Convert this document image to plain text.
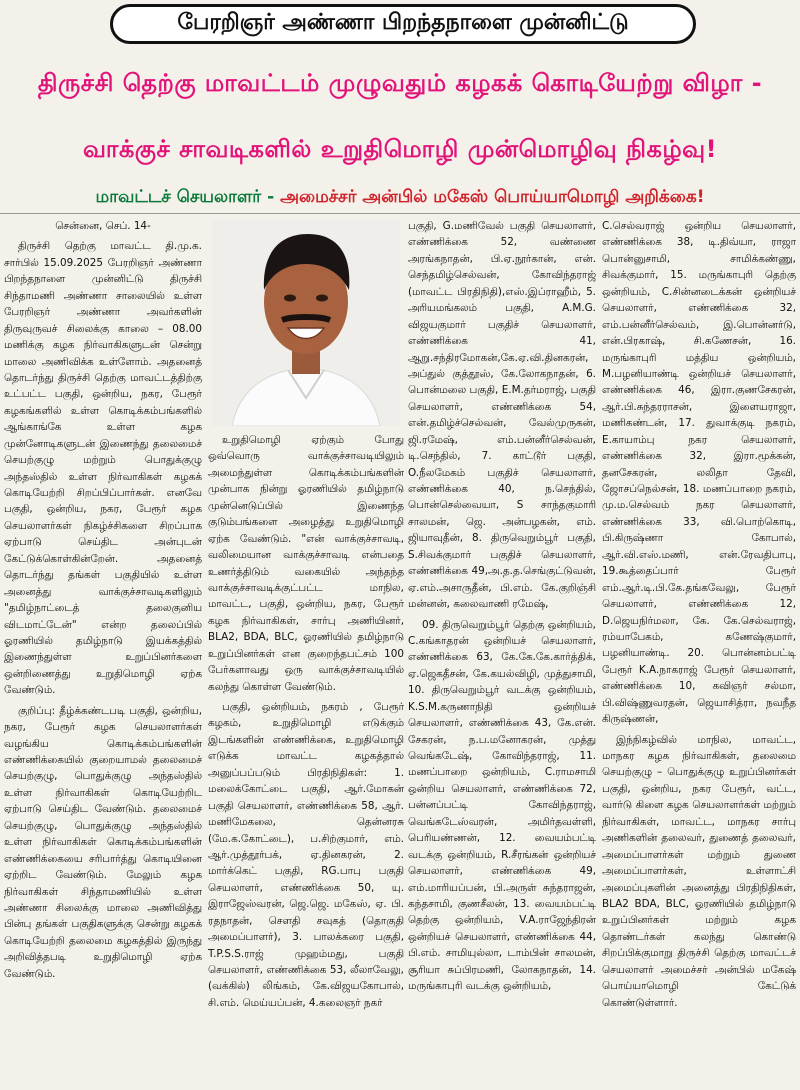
பேரறிஞர் அண்ணா பிறந்தநாளை முன்னிட்டு
திருச்சி தெற்கு மாவட்டம் முழுவதும் கழகக் கொடியேற்று விழா -
வாக்குச் சாவடிகளில் உறுதிமொழி முன்மொழிவு நிகழ்வு!
மாவட்டச் செயலாளர் - அமைச்சர் அன்பில் மகேஸ் பொய்யாமொழி அறிக்கை!

சென்னை, செப். 14-

திருச்சி தெற்கு மாவட்ட தி.மு.க. சார்பில் 15.09.2025 பேரறிஞர் அண்ணா பிறந்தநாளை முன்னிட்டு திருச்சி சிந்தாமணி அண்ணா சாலையில் உள்ள பேரறிஞர் அண்ணா அவர்களின் திருவுருவச் சிலைக்கு காலை – 08.00 மணிக்கு கழக நிர்வாகிகளுடன் சென்று மாலை அணிவிக்க உள்ளோம். அதனைத் தொடர்ந்து திருச்சி தெற்கு மாவட்டத்திற்கு உட்பட்ட பகுதி, ஒன்றிய, நகர, பேரூர் கழகங்களில் உள்ள கொடிக்கம்பங்களில் ஆங்காங்கே உள்ள கழக முன்னோடிகளுடன் இணைந்து தலைமைச் செயற்குழு மற்றும் பொதுக்குழு அந்தஸ்தில் உள்ள நிர்வாகிகள் கழகக் கொடியேற்றி சிறப்பிப்பார்கள். எனவே பகுதி, ஒன்றிய, நகர, பேரூர் கழக செயலாளர்கள் நிகழ்ச்சிகளை சிறப்பாக ஏற்பாடு செய்திட அன்புடன் கேட்டுக்கொள்கின்றேன். அதனைத் தொடர்ந்து தங்கள் பகுதியில் உள்ள அனைத்து வாக்குச்சாவடிகளிலும் "தமிழ்நாட்டைத் தலைகுனிய விடமாட்டேன்" என்ற தலைப்பில் ஓரணியில் தமிழ்நாடு இயக்கத்தில் இணைந்துள்ள உறுப்பினர்களை ஒன்றிணைத்து உறுதிமொழி ஏற்க வேண்டும்.

குறிப்பு: தீழ்க்கண்டபடி பகுதி, ஒன்றிய, நகர, பேரூர் கழக செயலாளர்கள் வழங்கிய கொடிக்கம்பங்களின் எண்ணிக்கையில் குறையாமல் தலைமைச் செயற்குழு, பொதுக்குழு அந்தஸ்தில் உள்ள நிர்வாகிகள் கொடியேற்றிட ஏற்பாடு செய்திட வேண்டும். தலைமைச் செயற்குழு, பொதுக்குழு அந்தஸ்தில் உள்ள நிர்வாகிகள் கொடிக்கம்பங்களின் எண்ணிக்கையை சரிபார்த்து கொடியினை ஏற்றிட வேண்டும். மேலும் கழக நிர்வாகிகள் சிந்தாமணியில் உள்ள அண்ணா சிலைக்கு மாலை அணிவித்து பின்பு தங்கள் பகுதிகளுக்கு சென்று கழகக் கொடியேற்றி தலைமை கழகத்தில் இருந்து அறிவித்தபடி உறுதிமொழி ஏற்க வேண்டும்.

உறுதிமொழி ஏற்கும் போது ஒவ்வொரு வாக்குச்சாவடியிலும் அமைந்துள்ள கொடிக்கம்பங்களின் முன்பாக நின்று ஓரணியில் தமிழ்நாடு முன்னெடுப்பில் இணைந்த குடும்பங்களை அழைத்து உறுதிமொழி ஏற்க வேண்டும். "என் வாக்குச்சாவடி, வலிமையான வாக்குச்சாவடி என்பதை உணர்த்திடும் வகையில் அந்தந்த வாக்குச்சாவடிக்குட்பட்ட மாநில, மாவட்ட, பகுதி, ஒன்றிய, நகர, பேரூர் கழக நிர்வாகிகள், சார்பு அணியினர், BLA2, BDA, BLC, ஓரணியில் தமிழ்நாடு உறுப்பினர்கள் என குறைந்தபட்சம் 100 பேர்களாவது ஒரு வாக்குச்சாவடியில் கலந்து கொள்ள வேண்டும்.

பகுதி, ஒன்றியம், நகரம் , பேரூர் கழகம், உறுதிமொழி எடுக்கும் இடங்களின் எண்ணிக்கை, உறுதிமொழி எடுக்க மாவட்ட கழகத்தால் அனுப்பப்படும் பிரதிநிதிகள்: 1. மலைக்கோட்டை பகுதி, ஆர்.மோகன் பகுதி செயலாளர், எண்ணிக்கை 58, ஆர். மணிமேகலை, தென்னரசு (மே.க.கோட்டை), ப.சிற்குமார், எம். ஆர்.முத்தூர்பக், ஏ.தினகரன், 2. மார்க்கெட் பகுதி, RG.பாபு பகுதி செயலாளர், எண்ணிக்கை 50, யு. இராஜேஸ்வரன், ஜெ.ஜெ. மகேஸ், ஏ. பி. ரதநாதன், சௌதி சவுகத் (தொகுதி அமைப்பாளர்), 3. பாலக்கரை பகுதி, T.P.S.S.ராஜ் முஹம்மது, பகுதி செயலாளர், எண்ணிக்கை 53, லீலாவேலு, (வக்கில்) லிங்கம், கே.விஜயகோபால், சி.எம். மெய்யப்பன், 4.கலைஞர் நகர்

பகுதி, G.மணிவேல் பகுதி செயலாளர், எண்ணிக்கை 52, வண்ணை அரங்கநாதன், பி.ஏ.நூர்கான், என். செந்தமிழ்செல்வன், கோவிந்தராஜ் (மாவட்ட பிரதிநிதி),எஸ்.இப்ராஹீம், 5. அரியமங்கலம் பகுதி, A.M.G. விஜயகுமார் பகுதிச் செயலாளர், எண்ணிக்கை 41, ஆறு.சந்திரமோகன்,கே.ஏ.வி.தினகரன், அப்துல் குத்தூஸ், கே.லோகநாதன், 6. பொன்மலை பகுதி, E.M.தர்மராஜ், பகுதி செயலாளர், எண்ணிக்கை 54, என்.தமிழ்ச்செல்வன், வேல்முருகன், ஜி.ரமேஷ், எம்.பன்னீர்செல்வன், டி.செந்தில், 7. காட்டூர் பகுதி, O.நீலமேகம் பகுதிச் செயலாளர், எண்ணிக்கை 40, ந.செந்தில், பொன்செல்வையா, S சாந்தகுமாரி சாலமன், ஜெ. அன்பழகன், எம். ஜியாவுதீன், 8. திருவெறும்பூர் பகுதி, S.சிவக்குமார் பகுதிச் செயலாளர், எண்ணிக்கை 49,அ.த.த.செங்குட்டுவன், ஏ.எம்.அசாருதீன், பி.எம். கே.குறிஞ்சி மன்னன், கலைவாணி ரமேஷ்,

09. திருவெறும்பூர் தெற்கு ஒன்றியம், C.கங்காதரன் ஒன்றியச் செயலாளர், எண்ணிக்கை 63, கே.கே.கே.கார்த்திக், ஏ.ஜெகதீசன், கே.கயல்விழி, முத்துசாமி, 10. திருவெறும்பூர் வடக்கு ஒன்றியம், K.S.M.கருணாநிதி ஒன்றியச் செயலாளர், எண்ணிக்கை 43, கே.என். சேகரன், ந.ப.மனோகரன், முத்து வெங்கடேஷ், கோவிந்தராஜ், 11. மணப்பாறை ஒன்றியம், C.ராமசாமி ஒன்றிய செயலாளர், எண்ணிக்கை 72, பன்னப்பட்டி கோவிந்தராஜ், வெங்கடேஸ்வரன், அமிர்தவள்ளி, பெரியண்ணன், 12. வையம்பட்டி வடக்கு ஒன்றியம், R.சீரங்கன் ஒன்றியச் செயலாளர், எண்ணிக்கை 49, எம்.மாரியப்பன், பி.அருள் சுந்தராஜன், கந்தசாமி, குணசீலன், 13. வையம்பட்டி தெற்கு ஒன்றியம், V.A.ராஜேந்திரன் ஒன்றியச் செயலாளர், எண்ணிக்கை 44, பி.எம். சாமியுல்லா, டாம்பின் சாலமன், சூரியா சுப்பிரமணி, லோகநாதன், 14. மருங்காபுரி வடக்கு ஒன்றியம்,

C.செல்வராஜ் ஒன்றிய செயலாளர், எண்ணிக்கை 38, டி.திவ்யா, ராஜா பொன்னுசாமி, சாமிக்கண்ணு, சிவக்குமார், 15. மருங்காபுரி தெற்கு ஒன்றியம், C.சின்னடைக்கன் ஒன்றியச் செயலாளர், எண்ணிக்கை 32, எம்.பன்னீர்செல்வம், இ.பொன்னர்டு, என்.பிரகாஷ், சி.கணேசன், 16. மருங்காபுரி மத்திய ஒன்றியம், M.பழனியாண்டி ஒன்றியச் செயலாளர், எண்ணிக்கை 46, இரா.குணசேகரன், ஆர்.பி.சுந்தரராசன், இளையராஜா, மணிகண்டன், 17. துவாக்குடி நகரம், E.காயாம்பு நகர செயலாளர், எண்ணிக்கை 32, இரா.மூக்கன், தனசேகரன், லலிதா தேவி, ஜோசப்நெல்சன், 18. மணப்பாறை நகரம், மு.ம.செல்வம் நகர செயலாளர், எண்ணிக்கை 33, வி.பொற்கொடி, பி.கிருஷ்ணா கோபால், ஆர்.வி.எஸ்.மணி, என்.ரேவதிபாபு, 19.கூத்தைப்பார் பேரூர் எம்.ஆர்.டி.பி.கே.தங்கவேலு, பேரூர் செயலாளர், எண்ணிக்கை 12, D.ஜெயநிர்மலா, கே. கே.செல்வராஜ், ரம்யாபேகம், கணேஷ்குமார், பழனியாண்டி. 20. பொன்னம்பட்டி பேரூர் K.A.நாகராஜ் பேரூர் செயலாளர், எண்ணிக்கை 10, கவிஞர் சல்மா, பி.விஷ்ணுவரதன், ஜெயாசித்ரா, நவநீத கிருஷ்ணன்,

இந்நிகழ்வில் மாநில, மாவட்ட, மாநகர கழக நிர்வாகிகள், தலைமை செயற்குழு – பொதுக்குழு உறுப்பினர்கள் பகுதி, ஒன்றிய, நகர பேரூர், வட்ட, வார்டு கிளை கழக செயலாளர்கள் மற்றும் நிர்வாகிகள், மாவட்ட, மாநகர சார்பு அணிகளின் தலைவர், துணைத் தலைவர், அமைப்பாளர்கள் மற்றும் துணை அமைப்பாளர்கள், உள்ளாட்சி அமைப்புகளின் அனைத்து பிரதிநிதிகள், BLA2 BDA, BLC, ஓரணியில் தமிழ்நாடு உறுப்பினர்கள் மற்றும் கழக தொண்டர்கள் கலந்து கொண்டு சிறப்பிக்குமாறு திருச்சி தெற்கு மாவட்டச் செயலாளர் அமைச்சர் அன்பில் மகேஷ் பொய்யாமொழி கேட்டுக் கொண்டுள்ளார்.
